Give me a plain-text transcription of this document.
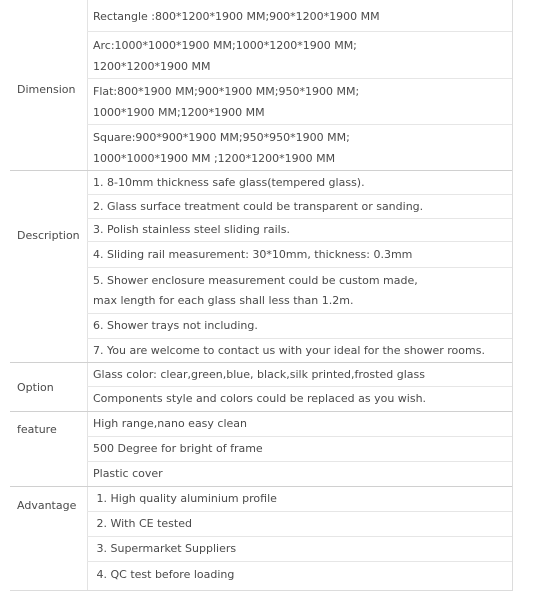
Dimension
Rectangle :800*1200*1900 MM;900*1200*1900 MM
Arc:1000*1000*1900 MM;1000*1200*1900 MM;
1200*1200*1900 MM
Flat:800*1900 MM;900*1900 MM;950*1900 MM;
1000*1900 MM;1200*1900 MM
Square:900*900*1900 MM;950*950*1900 MM;
1000*1000*1900 MM ;1200*1200*1900 MM
Description
1. 8-10mm thickness safe glass(tempered glass).
2. Glass surface treatment could be transparent or sanding.
3. Polish stainless steel sliding rails.
4. Sliding rail measurement: 30*10mm, thickness: 0.3mm
5. Shower enclosure measurement could be custom made,
max length for each glass shall less than 1.2m.
6. Shower trays not including.
7. You are welcome to contact us with your ideal for the shower rooms.
Option
Glass color: clear,green,blue, black,silk printed,frosted glass
Components style and colors could be replaced as you wish.
feature	High range,nano easy clean
500 Degree for bright of frame
Plastic cover
Advantage
1. High quality aluminium profile
2. With CE tested
3. Supermarket Suppliers
4. QC test before loading
